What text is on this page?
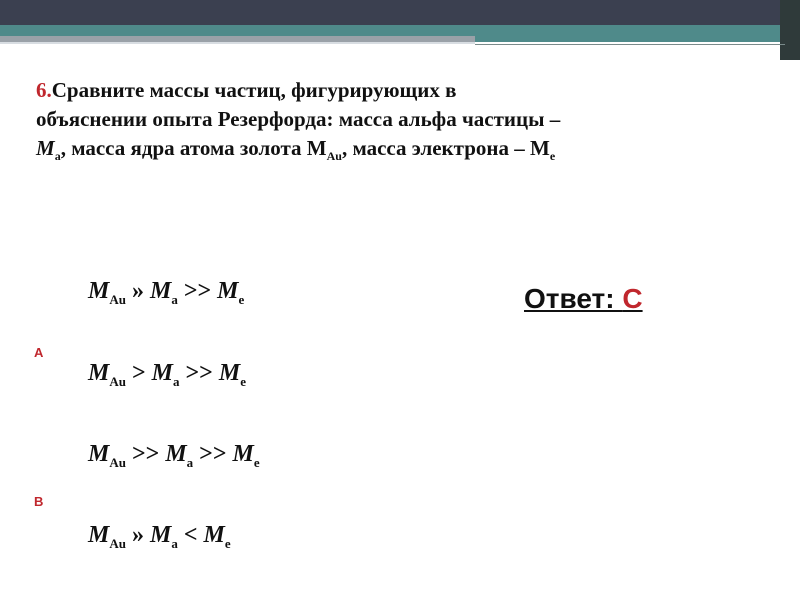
6.Сравните массы частиц, фигурирующих в
объяснении опыта Резерфорда: масса альфа частицы –
$M_a$, масса ядра атома золота $M_{Au}$, масса электрона – $M_e$
$M_{Au}$ » $M_a >> M_e$
A
$M_{Au} > M_a >> M_e$
$M_{Au} >> M_a >> M_e$
B
$M_{Au}$ » $M_a < M_e$
Ответ: C
